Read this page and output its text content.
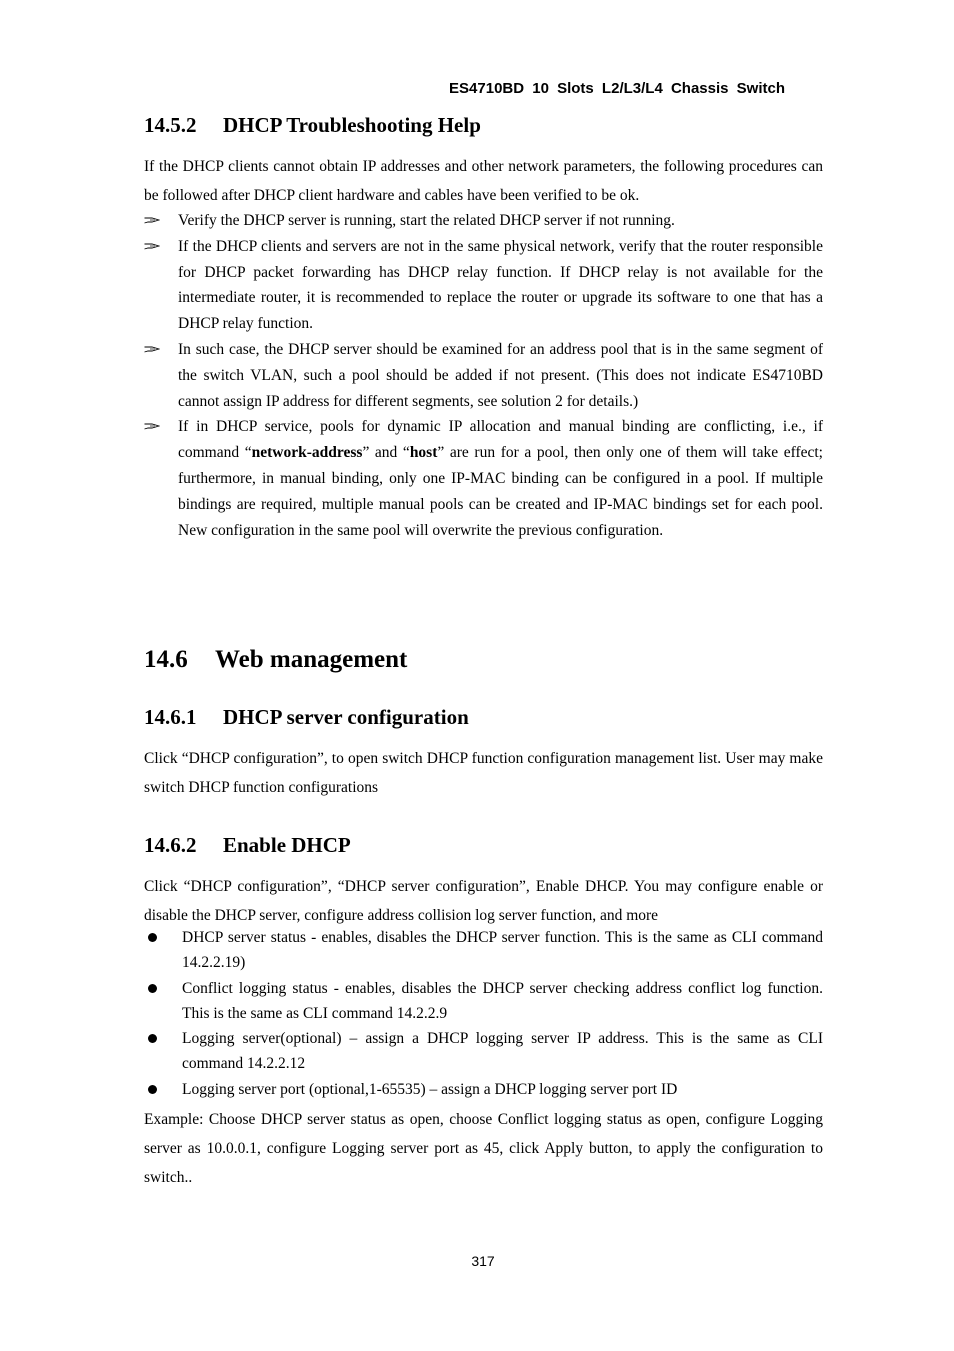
ES4710BD 10 Slots L2/L3/L4 Chassis Switch
14.5.2 DHCP Troubleshooting Help

If the DHCP clients cannot obtain IP addresses and other network parameters, the following procedures can be followed after DHCP client hardware and cables have been verified to be ok.

Verify the DHCP server is running, start the related DHCP server if not running.
If the DHCP clients and servers are not in the same physical network, verify that the router responsible for DHCP packet forwarding has DHCP relay function. If DHCP relay is not available for the intermediate router, it is recommended to replace the router or upgrade its software to one that has a DHCP relay function.
In such case, the DHCP server should be examined for an address pool that is in the same segment of the switch VLAN, such a pool should be added if not present. (This does not indicate ES4710BD cannot assign IP address for different segments, see solution 2 for details.)
If in DHCP service, pools for dynamic IP allocation and manual binding are conflicting, i.e., if command “network-address” and “host” are run for a pool, then only one of them will take effect; furthermore, in manual binding, only one IP-MAC binding can be configured in a pool. If multiple bindings are required, multiple manual pools can be created and IP-MAC bindings set for each pool. New configuration in the same pool will overwrite the previous configuration.
14.6 Web management
14.6.1 DHCP server configuration

Click “DHCP configuration”, to open switch DHCP function configuration management list. User may make switch DHCP function configurations

14.6.2 Enable DHCP

Click “DHCP configuration”, “DHCP server configuration”, Enable DHCP. You may configure enable or disable the DHCP server, configure address collision log server function, and more

DHCP server status - enables, disables the DHCP server function. This is the same as CLI command 14.2.2.19)
Conflict logging status - enables, disables the DHCP server checking address conflict log function. This is the same as CLI command 14.2.2.9
Logging server(optional) – assign a DHCP logging server IP address. This is the same as CLI command 14.2.2.12
Logging server port (optional,1-65535) – assign a DHCP logging server port ID

Example: Choose DHCP server status as open, choose Conflict logging status as open, configure Logging server as 10.0.0.1, configure Logging server port as 45, click Apply button, to apply the configuration to switch..

317
